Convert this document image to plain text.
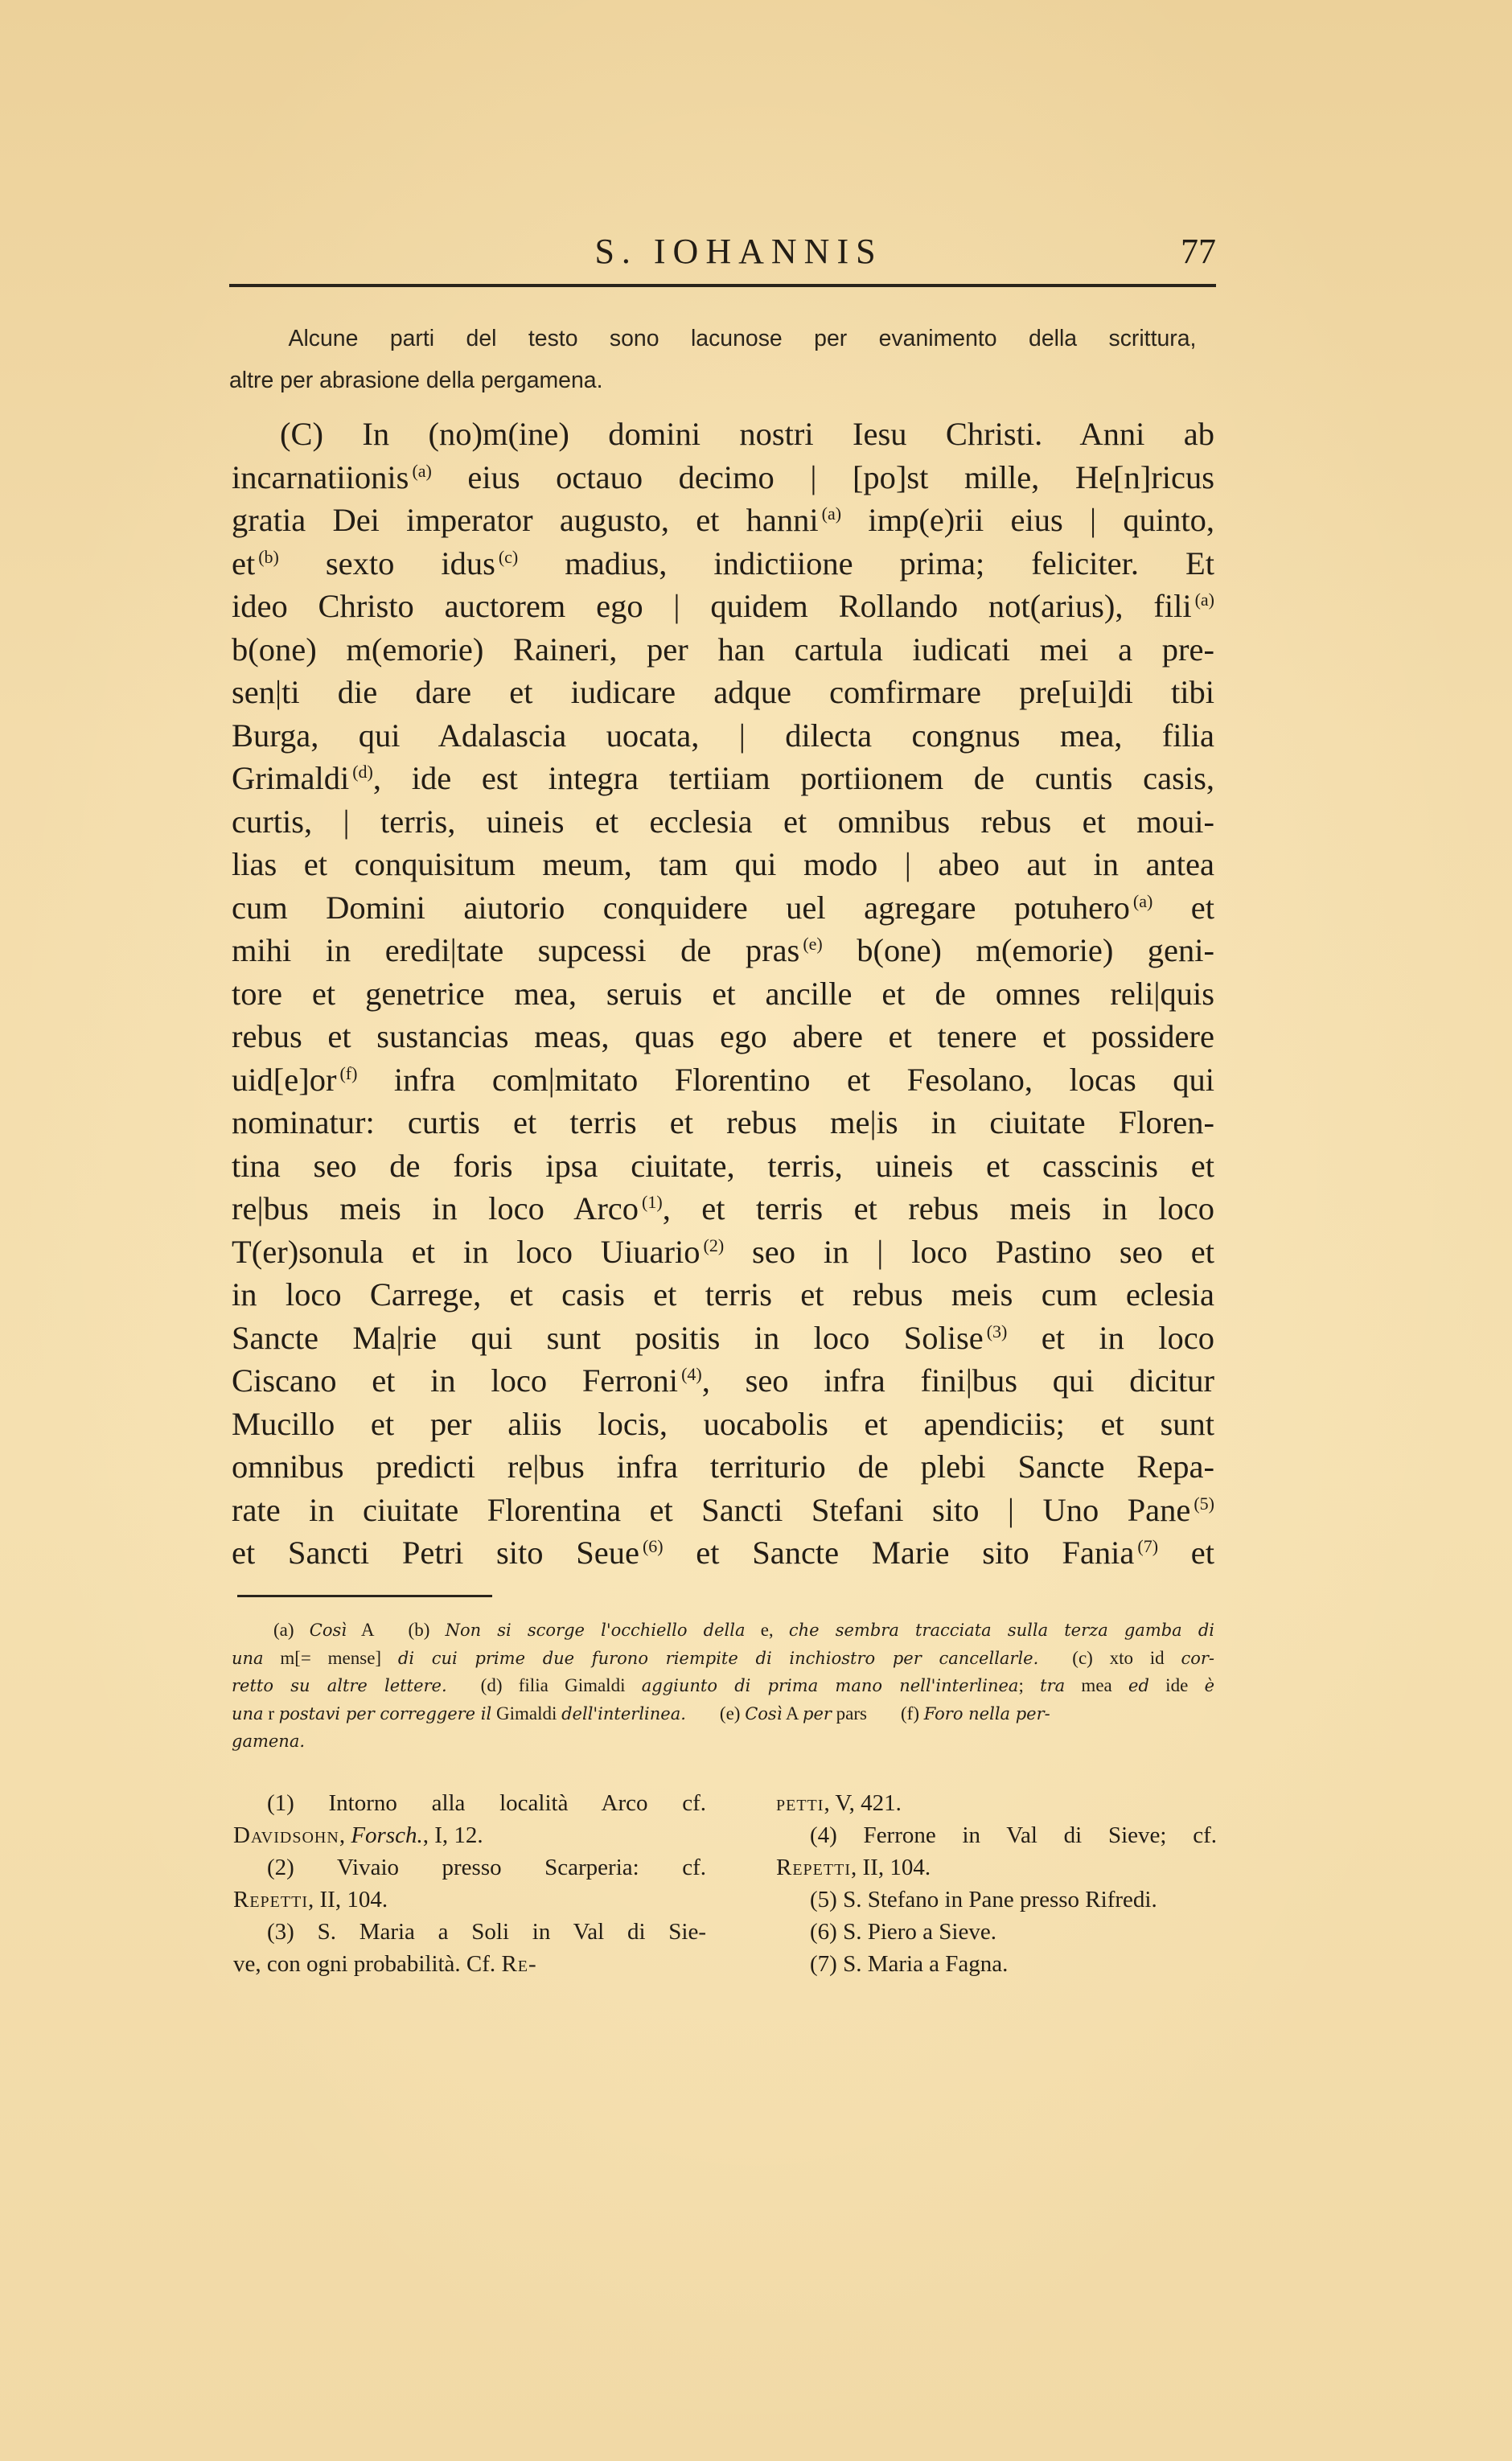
S. IOHANNIS	77
Alcune parti del testo sono lacunose per evanimento della scrittura,
altre per abrasione della pergamena.
(C) In (no)m(ine) domini nostri Iesu Christi. Anni ab
incarnatiionis $^{(a)}$ eius octauo decimo | [po]st mille, He[n]ricus
gratia Dei imperator augusto, et hanni $^{(a)}$ imp(e)rii eius | quinto,
et $^{(b)}$ sexto idus $^{(c)}$ madius, indictiione prima; feliciter. Et
ideo Christo auctorem ego | quidem Rollando not(arius), fili $^{(a)}$
b(one) m(emorie) Raineri, per han cartula iudicati mei a pre-
sen|ti die dare et iudicare adque comfirmare pre[ui]di tibi
Burga, qui Adalascia uocata, | dilecta congnus mea, filia
Grimaldi $^{(d)}$, ide est integra tertiiam portiionem de cuntis casis,
curtis, | terris, uineis et ecclesia et omnibus rebus et moui-
lias et conquisitum meum, tam qui modo | abeo aut in antea
cum Domini aiutorio conquidere uel agregare potuhero $^{(a)}$ et
mihi in eredi|tate supcessi de pras $^{(e)}$ b(one) m(emorie) geni-
tore et genetrice mea, seruis et ancille et de omnes reli|quis
rebus et sustancias meas, quas ego abere et tenere et possidere
uid[e]or $^{(f)}$ infra com|mitato Florentino et Fesolano, locas qui
nominatur: curtis et terris et rebus me|is in ciuitate Floren-
tina seo de foris ipsa ciuitate, terris, uineis et casscinis et
re|bus meis in loco Arco $^{(1)}$, et terris et rebus meis in loco
T(er)sonula et in loco Uiuario $^{(2)}$ seo in | loco Pastino seo et
in loco Carrege, et casis et terris et rebus meis cum eclesia
Sancte Ma|rie qui sunt positis in loco Solise $^{(3)}$ et in loco
Ciscano et in loco Ferroni $^{(4)}$, seo infra fini|bus qui dicitur
Mucillo et per aliis locis, uocabolis et apendiciis; et sunt
omnibus predicti re|bus infra territurio de plebi Sancte Repa-
rate in ciuitate Florentina et Sancti Stefani sito | Uno Pane $^{(5)}$
et Sancti Petri sito Seue $^{(6)}$ et Sancte Marie sito Fania $^{(7)}$ et
(a) Così A (b) Non si scorge l'occhiello della e, che sembra tracciata sulla terza gamba di
una m[= mense] di cui prime due furono riempite di inchiostro per cancellarle. (c) xto id cor-
retto su altre lettere. (d) filia Gimaldi aggiunto di prima mano nell'interlinea; tra mea ed ide è
una r postavi per correggere il Gimaldi dell'interlinea. (e) Così A per pars (f) Foro nella per-
gamena.
(1) Intorno alla località Arco cf.
Davidsohn, Forsch., I, 12.
(2) Vivaio presso Scarperia: cf.
Repetti, II, 104.
(3) S. Maria a Soli in Val di Sie-
ve, con ogni probabilità. Cf. Re-
petti, V, 421.
(4) Ferrone in Val di Sieve; cf.
Repetti, II, 104.
(5) S. Stefano in Pane presso Rifredi.
(6) S. Piero a Sieve.
(7) S. Maria a Fagna.
